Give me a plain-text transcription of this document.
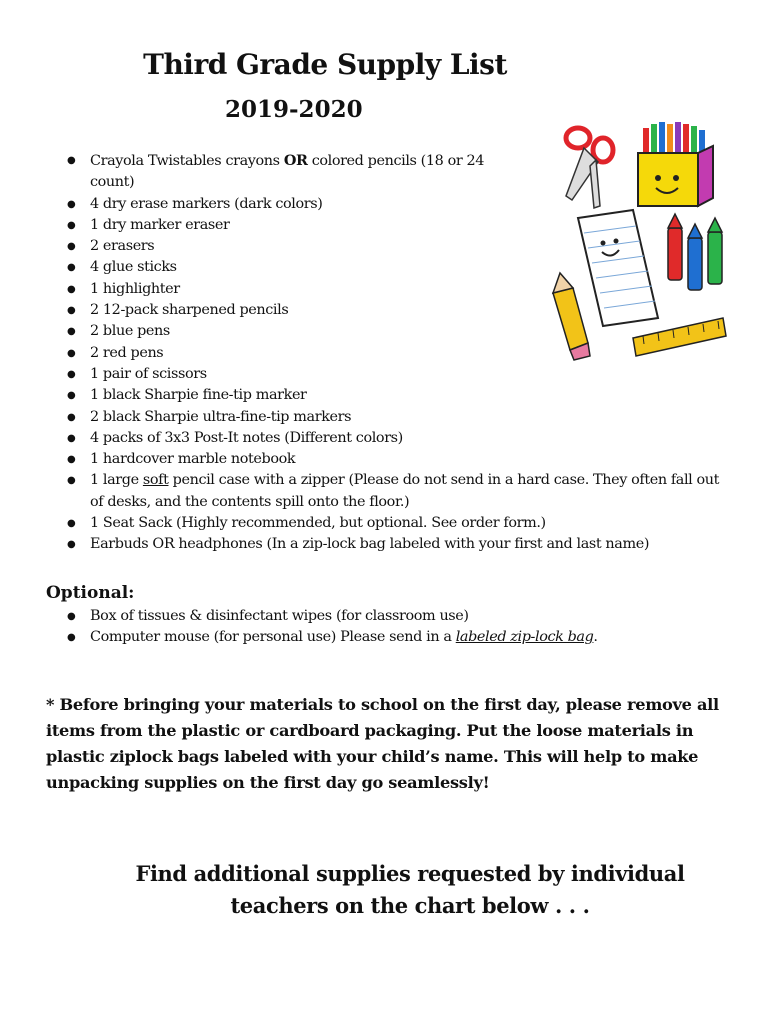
Third Grade Supply List
2019-2020
● Crayola Twistables crayons OR colored pencils (18 or 24 count)
● 4 dry erase markers (dark colors)
● 1 dry marker eraser
● 2 erasers
● 4 glue sticks
● 1 highlighter
● 2 12-pack sharpened pencils
● 2 blue pens
● 2 red pens
● 1 pair of scissors
● 1 black Sharpie fine-tip marker
● 2 black Sharpie ultra-fine-tip markers
● 4 packs of 3x3 Post-It notes (Different colors)
● 1 hardcover marble notebook
● 1 large soft pencil case with a zipper (Please do not send in a hard case. They often fall out of desks, and the contents spill onto the floor.)
● 1 Seat Sack (Highly recommended, but optional. See order form.)
● Earbuds OR headphones (In a zip-lock bag labeled with your first and last name)
Optional:
● Box of tissues & disinfectant wipes (for classroom use)
● Computer mouse (for personal use) Please send in a labeled zip-lock bag.
* Before bringing your materials to school on the first day, please remove all items from the plastic or cardboard packaging. Put the loose materials in plastic ziplock bags labeled with your child’s name. This will help to make unpacking supplies on the first day go seamlessly!
Find additional supplies requested by individual teachers on the chart below . . .
